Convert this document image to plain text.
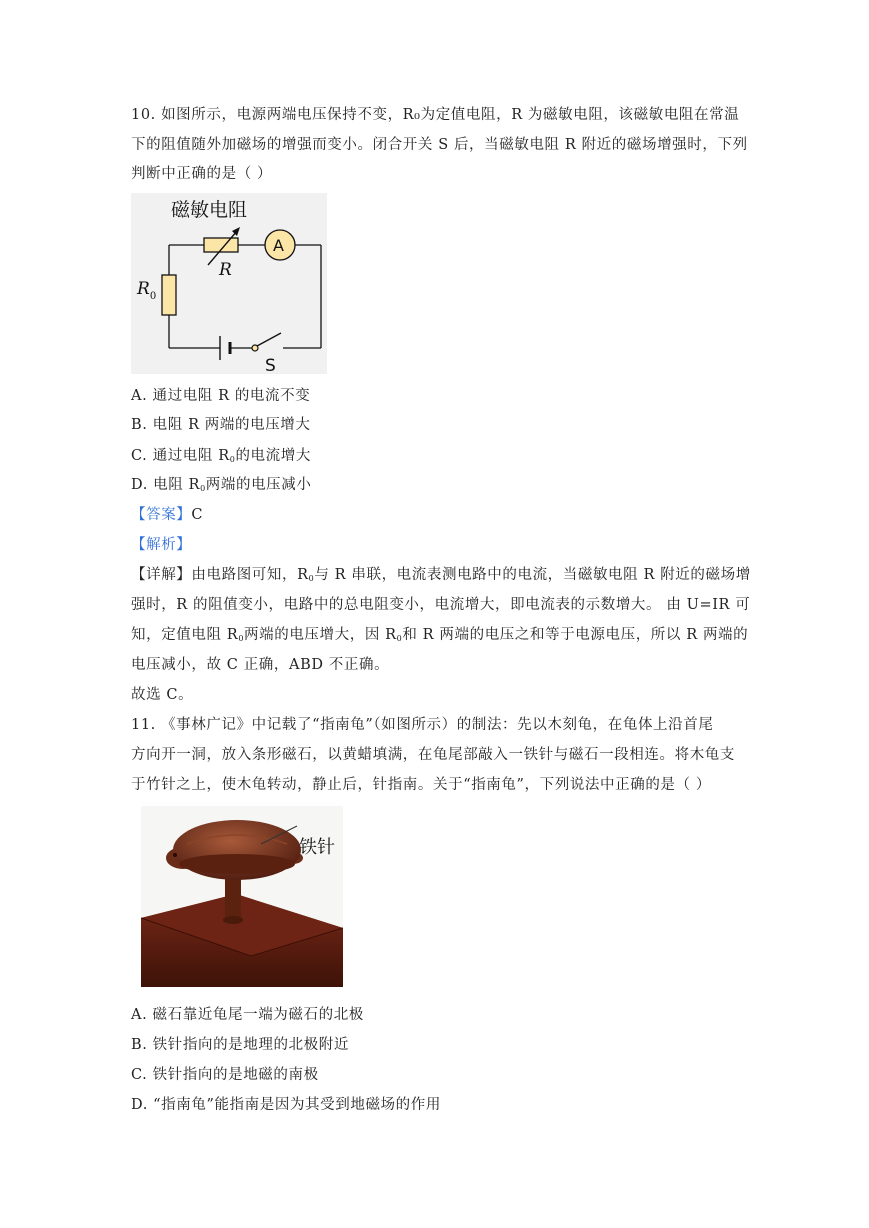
10. 如图所示，电源两端电压保持不变，R₀为定值电阻，R 为磁敏电阻，该磁敏电阻在常温
下的阻值随外加磁场的增强而变小。闭合开关 S 后，当磁敏电阻 R 附近的磁场增强时，下列
判断中正确的是（ ）
磁敏电阻
R
A
$R_0$
S
A. 通过电阻 R 的电流不变
B. 电阻 R 两端的电压增大
C. 通过电阻 $R_0$的电流增大
D. 电阻 $R_0$两端的电压减小
【答案】C
【解析】
【详解】由电路图可知，$R_0$与 R 串联，电流表测电路中的电流，当磁敏电阻 R 附近的磁场增
强时，R 的阻值变小，电路中的总电阻变小，电流增大，即电流表的示数增大。 由 U=IR 可
知，定值电阻 $R_0$两端的电压增大，因 $R_0$和 R 两端的电压之和等于电源电压，所以 R 两端的
电压减小，故 C 正确，ABD 不正确。
故选 C。
11. 《事林广记》中记载了“指南龟”（如图所示）的制法：先以木刻龟，在龟体上沿首尾
方向开一洞，放入条形磁石，以黄蜡填满，在龟尾部敲入一铁针与磁石一段相连。将木龟支
于竹针之上，使木龟转动，静止后，针指南。关于“指南龟”，下列说法中正确的是（ ）
铁针
A. 磁石靠近龟尾一端为磁石的北极
B. 铁针指向的是地理的北极附近
C. 铁针指向的是地磁的南极
D. “指南龟”能指南是因为其受到地磁场的作用
